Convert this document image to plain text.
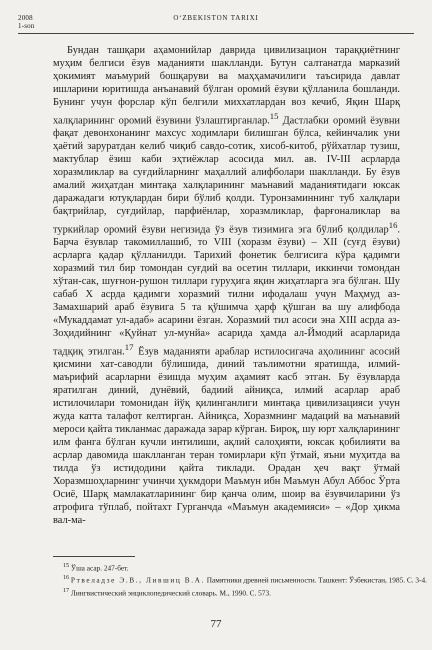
2008
1-son
O‘ZBEKISTON TARIXI

Бундан ташқари аҳамонийлар даврида цивилизацион тараққиётнинг муҳим белгиси ёзув маданияти шаклланди. Бутун салтанатда марказий ҳокимият маъмурий бошқаруви ва маҳҳамачилиги таъсирида давлат ишларини юритишда анъанавий бўлган оромий ёзуви қўлланила бошланди. Бунинг учун форслар кўп белгили миххатлардан воз кечиб, Яқин Шарқ халқларининг оромий ёзувини ўзлаштирганлар.$^{15}$ Дастлабки оромий ёзувни фақат девонхонанинг махсус ходимлари билишган бўлса, кейинчалик уни ҳаётий заруратдан келиб чиқиб савдо-сотик, хисоб-китоб, рўйхатлар тузиш, мактублар ёзиш каби эҳтиёжлар асосида мил. ав. IV-III асрларда хоразмликлар ва суғдийларнинг маҳаллий алифболари шаклланди. Бу ёзув амалий жиҳатдан минтақа халқларининг маънавий маданиятидаги юксак даражадаги ютуқлардан бири бўлиб қолди. Туронзаминнинг туб халқлари бақтрийлар, суғдийлар, парфиёнлар, хоразмликлар, фарғоналиклар ва туркийлар оромий ёзуви негизида ўз ёзув тизимига эга бўлиб қолдилар$^{16}$. Барча ёзувлар такомиллашиб, то VIII (хоразм ёзуви) – XII (суғд ёзуви) асрларга қадар қўлланилди. Тарихий фонетик белгисига кўра қадимги хоразмий тил бир томондан суғдий ва осетин тиллари, иккинчи томондан хўтан-сак, шуғнон-рушон тиллари гуруҳига яқин жиҳатларга эга бўлган. Шу сабаб X асрда қадимги хоразмий тилни ифодалаш учун Маҳмуд аз-Замахшарий араб ёзувига 5 та қўшимча ҳарф қўшган ва шу алифбода «Мукаддамат ул-адаб» асарини ёзган. Хоразмий тил асоси эна XIII асрда аз-Зоҳидийнинг «Қуйнат ул-мунйа» асарида ҳамда ал-Ймодий асарларида тадқиқ этилган.$^{17}$ Ёзув маданияти араблар истилосигача аҳолининг асосий қисмини хат-саводли бўлишида, диний таълимотни яратишда, илмий-маърифий асарларни ёзишда муҳим аҳамият касб этган. Бу ёзувларда яратилган диний, дунёвий, бадиий айниқса, илмий асарлар араб истилочилари томонидан йўқ қилинганлиги минтақа цивилизацияси учун жуда катта талафот келтирган. Айниқса, Хоразмнинг мадаций ва маънавий мероси қайта тикланмас даражада зарар кўрган. Бироқ, шу юрт халқларининг илм фанга бўлган кучли интилиши, ақлий салоҳияти, юксак қобилияти ва асрлар давомида шаклланган теран томирлари кўп ўтмай, яъни муҳитда ва тилда ўз истидодини қайта тиклади. Орадан ҳеч вақт ўтмай Хоразмшоҳларнинг учинчи ҳукмдори Маъмун ибн Маъмун Абул Аббос Ўрта Осиё, Шарқ мамлакатларининг бир қанча олим, шоир ва ёзувчиларини ўз атрофига тўплаб, пойтахт Гурганчда «Маъмун академияси» – «Дор ҳикма вал-ма-

$^{15}$ Ўша асар. 247-бет.
$^{16}$ Ртвеладзе Э.В., Лившиц В.А. Памятники древней письменности. Ташкент: Ўзбекистан, 1985. С. 3-4.
$^{17}$ Лингвистический энциклопедический словарь. М., 1990. С. 573.
77
